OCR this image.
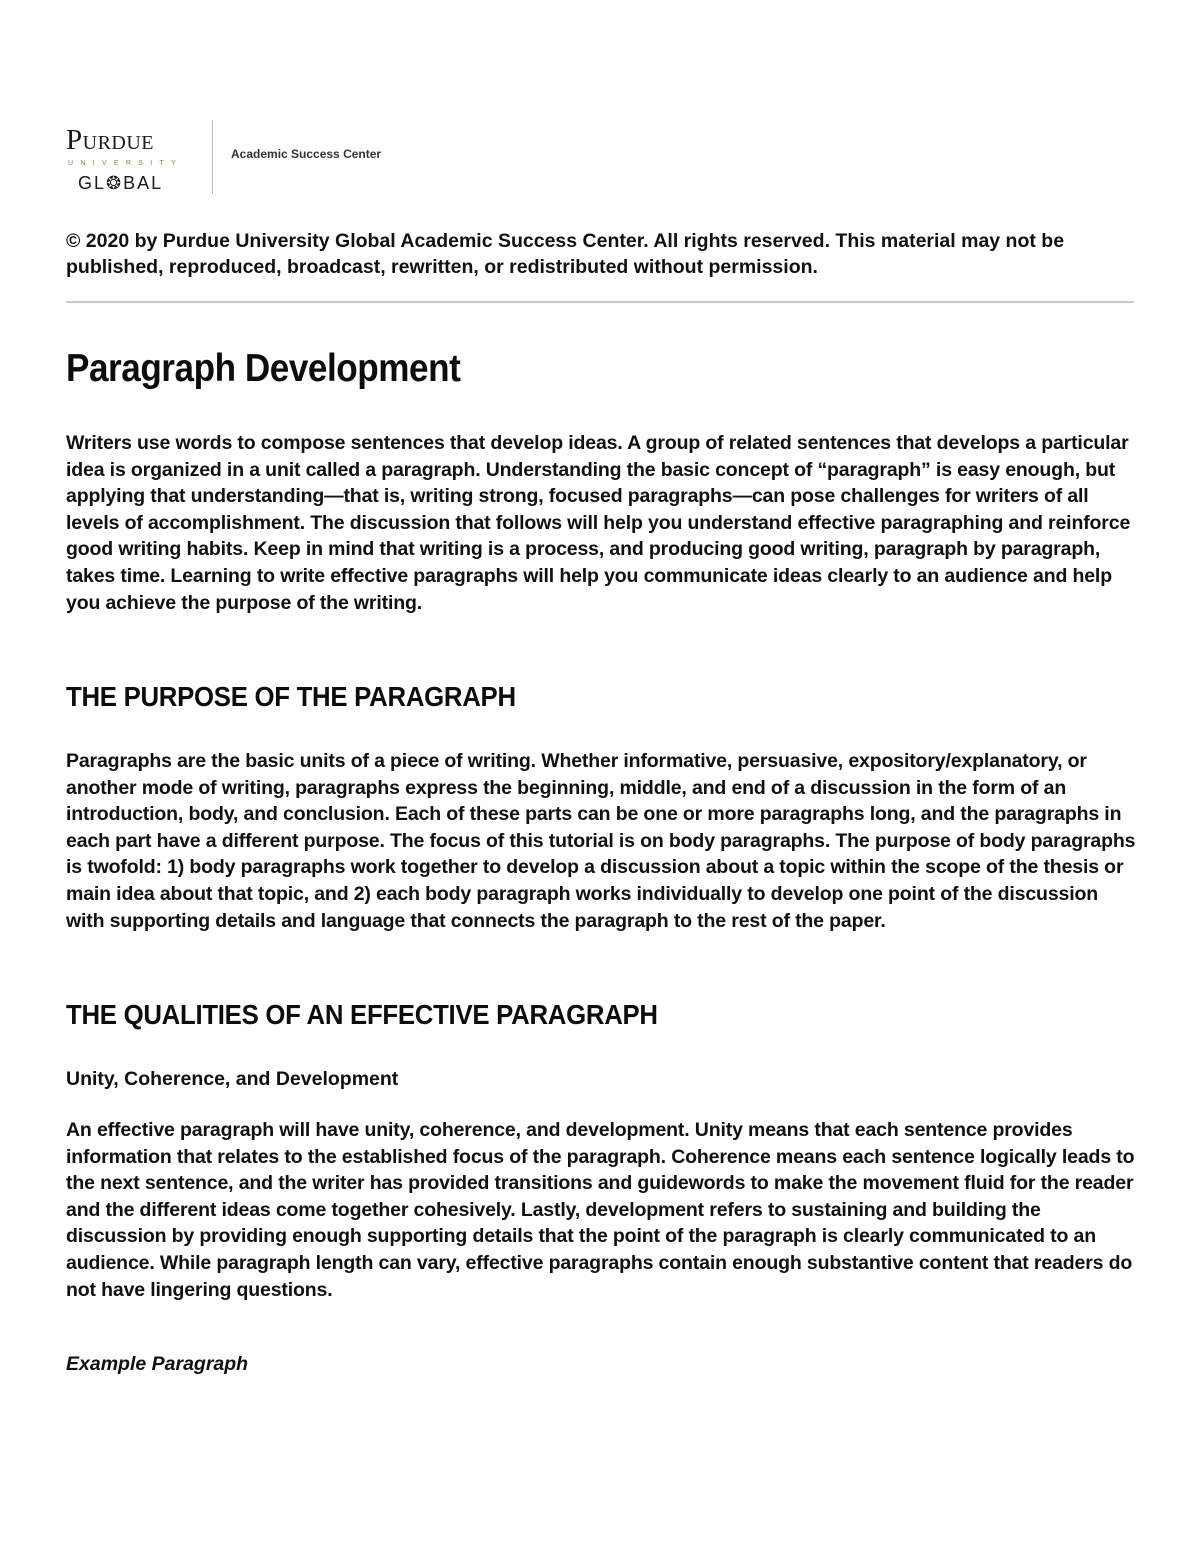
Purdue
UNIVERSITY
GL❂BAL
Academic Success Center

© 2020 by Purdue University Global Academic Success Center. All rights reserved. This material may not be published, reproduced, broadcast, rewritten, or redistributed without permission.

Paragraph Development

Writers use words to compose sentences that develop ideas. A group of related sentences that develops a particular idea is organized in a unit called a paragraph. Understanding the basic concept of “paragraph” is easy enough, but applying that understanding—that is, writing strong, focused paragraphs—can pose challenges for writers of all levels of accomplishment. The discussion that follows will help you understand effective paragraphing and reinforce good writing habits. Keep in mind that writing is a process, and producing good writing, paragraph by paragraph, takes time. Learning to write effective paragraphs will help you communicate ideas clearly to an audience and help you achieve the purpose of the writing.

THE PURPOSE OF THE PARAGRAPH

Paragraphs are the basic units of a piece of writing. Whether informative, persuasive, expository/explanatory, or another mode of writing, paragraphs express the beginning, middle, and end of a discussion in the form of an introduction, body, and conclusion. Each of these parts can be one or more paragraphs long, and the paragraphs in each part have a different purpose. The focus of this tutorial is on body paragraphs. The purpose of body paragraphs is twofold: 1) body paragraphs work together to develop a discussion about a topic within the scope of the thesis or main idea about that topic, and 2) each body paragraph works individually to develop one point of the discussion with supporting details and language that connects the paragraph to the rest of the paper.

THE QUALITIES OF AN EFFECTIVE PARAGRAPH
Unity, Coherence, and Development

An effective paragraph will have unity, coherence, and development. Unity means that each sentence provides information that relates to the established focus of the paragraph. Coherence means each sentence logically leads to the next sentence, and the writer has provided transitions and guidewords to make the movement fluid for the reader and the different ideas come together cohesively. Lastly, development refers to sustaining and building the discussion by providing enough supporting details that the point of the paragraph is clearly communicated to an audience. While paragraph length can vary, effective paragraphs contain enough substantive content that readers do not have lingering questions.

Example Paragraph
